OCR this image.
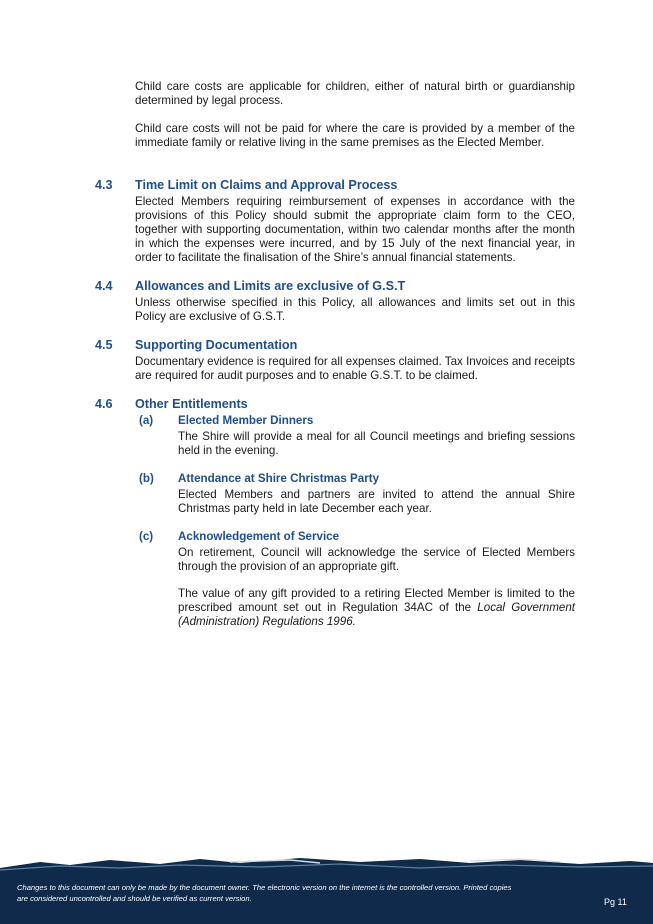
Child care costs are applicable for children, either of natural birth or guardianship determined by legal process.

Child care costs will not be paid for where the care is provided by a member of the immediate family or relative living in the same premises as the Elected Member.

4.3 Time Limit on Claims and Approval Process

Elected Members requiring reimbursement of expenses in accordance with the provisions of this Policy should submit the appropriate claim form to the CEO, together with supporting documentation, within two calendar months after the month in which the expenses were incurred, and by 15 July of the next financial year, in order to facilitate the finalisation of the Shire’s annual financial statements.

4.4 Allowances and Limits are exclusive of G.S.T

Unless otherwise specified in this Policy, all allowances and limits set out in this Policy are exclusive of G.S.T.

4.5 Supporting Documentation

Documentary evidence is required for all expenses claimed. Tax Invoices and receipts are required for audit purposes and to enable G.S.T. to be claimed.

4.6 Other Entitlements
(a) Elected Member Dinners

The Shire will provide a meal for all Council meetings and briefing sessions held in the evening.

(b) Attendance at Shire Christmas Party

Elected Members and partners are invited to attend the annual Shire Christmas party held in late December each year.

(c) Acknowledgement of Service

On retirement, Council will acknowledge the service of Elected Members through the provision of an appropriate gift.

The value of any gift provided to a retiring Elected Member is limited to the prescribed amount set out in Regulation 34AC of the Local Government (Administration) Regulations 1996.

Changes to this document can only be made by the document owner. The electronic version on the internet is the controlled version. Printed copies
are considered uncontrolled and should be verified as current version.	Pg 11
